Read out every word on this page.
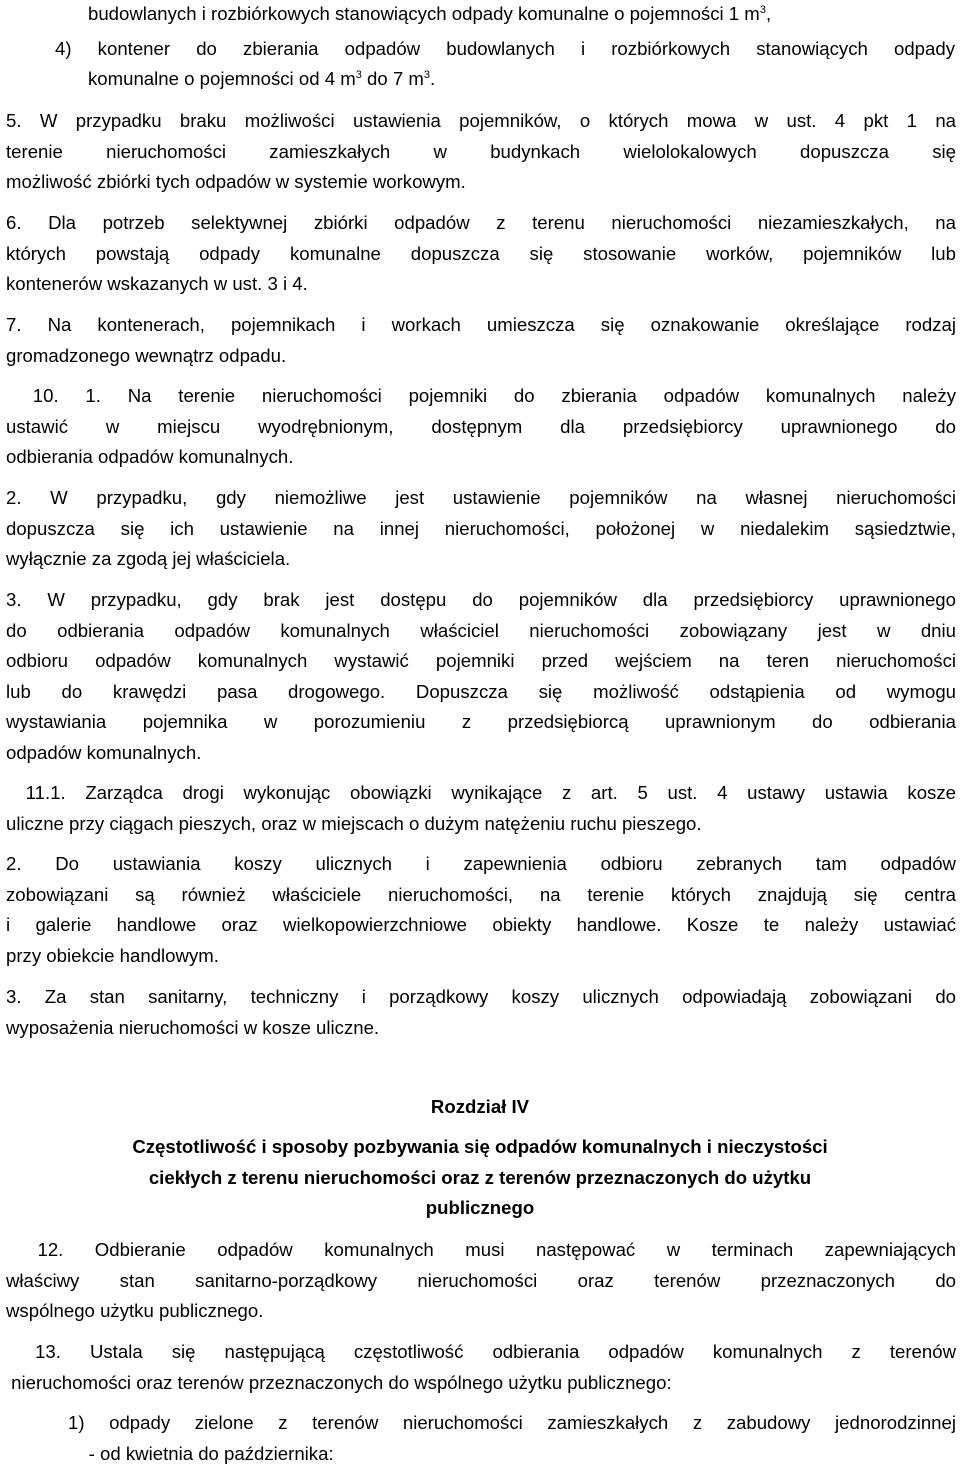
budowlanych i rozbiórkowych stanowiących odpady komunalne o pojemności 1 $m^3$,

4) kontener do zbierania odpadów budowlanych i rozbiórkowych stanowiących odpady

komunalne o pojemności od 4 $m^3$ do 7 $m^3$.

5. W przypadku braku możliwości ustawienia pojemników, o których mowa w ust. 4 pkt 1 na
terenie nieruchomości zamieszkałych w budynkach wielolokalowych dopuszcza się
możliwość zbiórki tych odpadów w systemie workowym.

6. Dla potrzeb selektywnej zbiórki odpadów z terenu nieruchomości niezamieszkałych, na
których powstają odpady komunalne dopuszcza się stosowanie worków, pojemników lub
kontenerów wskazanych w ust. 3 i 4.

7. Na kontenerach, pojemnikach i workach umieszcza się oznakowanie określające rodzaj
gromadzonego wewnątrz odpadu.

10. 1. Na terenie nieruchomości pojemniki do zbierania odpadów komunalnych należy
ustawić w miejscu wyodrębnionym, dostępnym dla przedsiębiorcy uprawnionego do
odbierania odpadów komunalnych.

2. W przypadku, gdy niemożliwe jest ustawienie pojemników na własnej nieruchomości
dopuszcza się ich ustawienie na innej nieruchomości, położonej w niedalekim sąsiedztwie,
wyłącznie za zgodą jej właściciela.

3. W przypadku, gdy brak jest dostępu do pojemników dla przedsiębiorcy uprawnionego
do odbierania odpadów komunalnych właściciel nieruchomości zobowiązany jest w dniu
odbioru odpadów komunalnych wystawić pojemniki przed wejściem na teren nieruchomości
lub do krawędzi pasa drogowego. Dopuszcza się możliwość odstąpienia od wymogu
wystawiania pojemnika w porozumieniu z przedsiębiorcą uprawnionym do odbierania
odpadów komunalnych.

11.1. Zarządca drogi wykonując obowiązki wynikające z art. 5 ust. 4 ustawy ustawia kosze
uliczne przy ciągach pieszych, oraz w miejscach o dużym natężeniu ruchu pieszego.

2. Do ustawiania koszy ulicznych i zapewnienia odbioru zebranych tam odpadów
zobowiązani są również właściciele nieruchomości, na terenie których znajdują się centra
i galerie handlowe oraz wielkopowierzchniowe obiekty handlowe. Kosze te należy ustawiać
przy obiekcie handlowym.

3. Za stan sanitarny, techniczny i porządkowy koszy ulicznych odpowiadają zobowiązani do
wyposażenia nieruchomości w kosze uliczne.

Rozdział IV

Częstotliwość i sposoby pozbywania się odpadów komunalnych i nieczystości
ciekłych z terenu nieruchomości oraz z terenów przeznaczonych do użytku
publicznego

12. Odbieranie odpadów komunalnych musi następować w terminach zapewniających
właściwy stan sanitarno-porządkowy nieruchomości oraz terenów przeznaczonych do
wspólnego użytku publicznego.

13. Ustala się następującą częstotliwość odbierania odpadów komunalnych z terenów
nieruchomości oraz terenów przeznaczonych do wspólnego użytku publicznego:

1) odpady zielone z terenów nieruchomości zamieszkałych z zabudowy jednorodzinnej
- od kwietnia do października:
